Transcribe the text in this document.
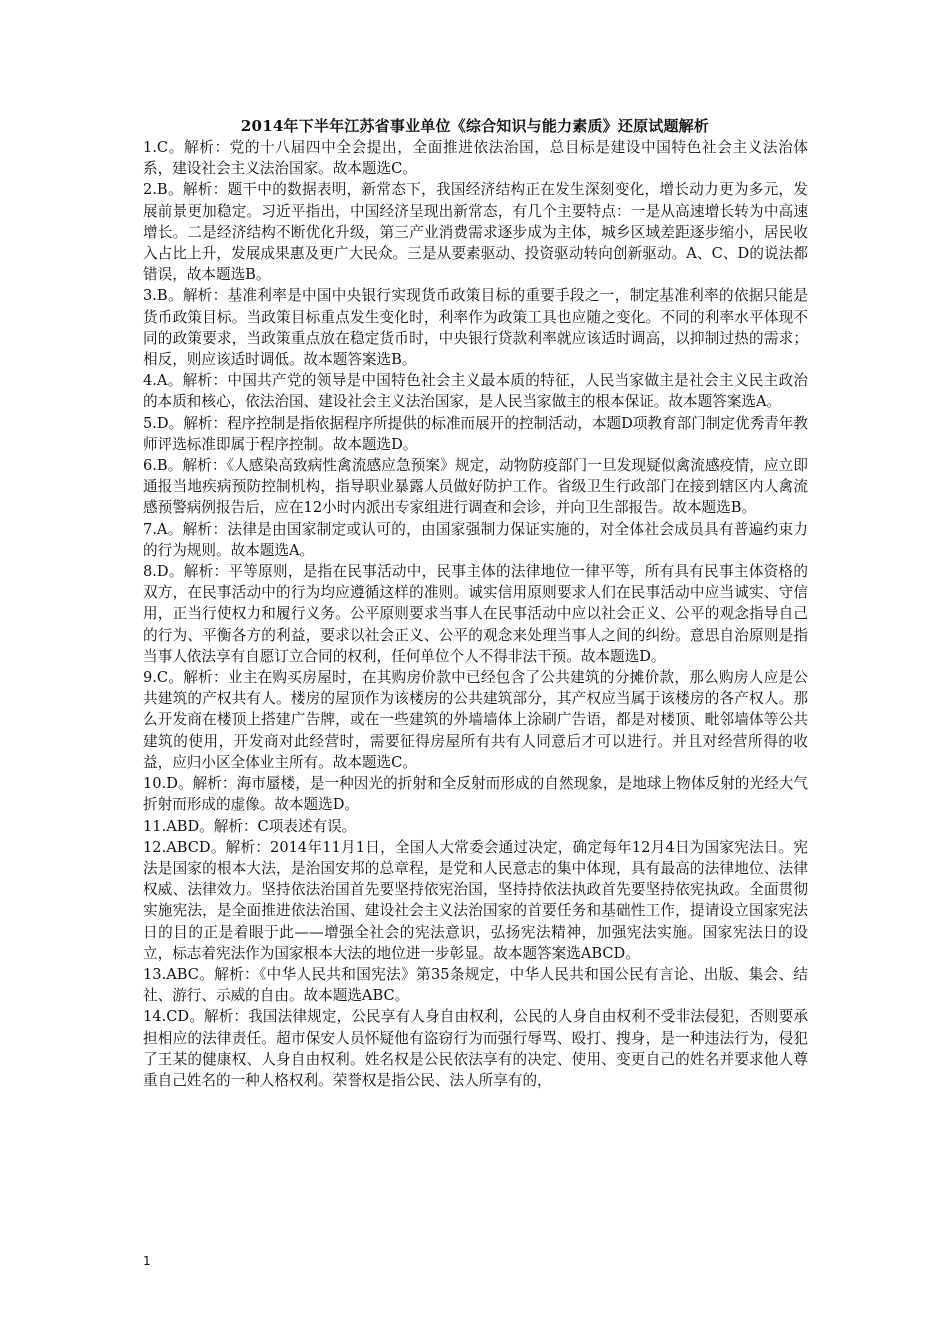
2014年下半年江苏省事业单位《综合知识与能力素质》还原试题解析

1.C。解析：党的十八届四中全会提出，全面推进依法治国，总目标是建设中国特色社会主义法治体系，建设社会主义法治国家。故本题选C。

2.B。解析：题干中的数据表明，新常态下，我国经济结构正在发生深刻变化，增长动力更为多元，发展前景更加稳定。习近平指出，中国经济呈现出新常态，有几个主要特点：一是从高速增长转为中高速增长。二是经济结构不断优化升级，第三产业消费需求逐步成为主体，城乡区域差距逐步缩小，居民收入占比上升，发展成果惠及更广大民众。三是从要素驱动、投资驱动转向创新驱动。A、C、D的说法都错误，故本题选B。

3.B。解析：基准利率是中国中央银行实现货币政策目标的重要手段之一，制定基准利率的依据只能是货币政策目标。当政策目标重点发生变化时，利率作为政策工具也应随之变化。不同的利率水平体现不同的政策要求，当政策重点放在稳定货币时，中央银行贷款利率就应该适时调高，以抑制过热的需求；相反，则应该适时调低。故本题答案选B。

4.A。解析：中国共产党的领导是中国特色社会主义最本质的特征，人民当家做主是社会主义民主政治的本质和核心，依法治国、建设社会主义法治国家，是人民当家做主的根本保证。故本题答案选A。

5.D。解析：程序控制是指依据程序所提供的标准而展开的控制活动，本题D项教育部门制定优秀青年教师评选标准即属于程序控制。故本题选D。

6.B。解析：《人感染高致病性禽流感应急预案》规定，动物防疫部门一旦发现疑似禽流感疫情，应立即通报当地疾病预防控制机构，指导职业暴露人员做好防护工作。省级卫生行政部门在接到辖区内人禽流感预警病例报告后，应在12小时内派出专家组进行调查和会诊，并向卫生部报告。故本题选B。

7.A。解析：法律是由国家制定或认可的，由国家强制力保证实施的，对全体社会成员具有普遍约束力的行为规则。故本题选A。

8.D。解析：平等原则，是指在民事活动中，民事主体的法律地位一律平等，所有具有民事主体资格的双方，在民事活动中的行为均应遵循这样的准则。诚实信用原则要求人们在民事活动中应当诚实、守信用，正当行使权力和履行义务。公平原则要求当事人在民事活动中应以社会正义、公平的观念指导自己的行为、平衡各方的利益，要求以社会正义、公平的观念来处理当事人之间的纠纷。意思自治原则是指当事人依法享有自愿订立合同的权利，任何单位个人不得非法干预。故本题选D。

9.C。解析：业主在购买房屋时，在其购房价款中已经包含了公共建筑的分摊价款，那么购房人应是公共建筑的产权共有人。楼房的屋顶作为该楼房的公共建筑部分，其产权应当属于该楼房的各产权人。那么开发商在楼顶上搭建广告牌，或在一些建筑的外墙墙体上涂刷广告语，都是对楼顶、毗邻墙体等公共建筑的使用，开发商对此经营时，需要征得房屋所有共有人同意后才可以进行。并且对经营所得的收益，应归小区全体业主所有。故本题选C。

10.D。解析：海市蜃楼，是一种因光的折射和全反射而形成的自然现象，是地球上物体反射的光经大气折射而形成的虚像。故本题选D。

11.ABD。解析：C项表述有误。

12.ABCD。解析：2014年11月1日，全国人大常委会通过决定，确定每年12月4日为国家宪法日。宪法是国家的根本大法，是治国安邦的总章程，是党和人民意志的集中体现，具有最高的法律地位、法律权威、法律效力。坚持依法治国首先要坚持依宪治国，坚持持依法执政首先要坚持依宪执政。全面贯彻实施宪法，是全面推进依法治国、建设社会主义法治国家的首要任务和基础性工作，提请设立国家宪法日的目的正是着眼于此——增强全社会的宪法意识，弘扬宪法精神，加强宪法实施。国家宪法日的设立，标志着宪法作为国家根本大法的地位进一步彰显。故本题答案选ABCD。

13.ABC。解析：《中华人民共和国宪法》第35条规定，中华人民共和国公民有言论、出版、集会、结社、游行、示威的自由。故本题选ABC。

14.CD。解析：我国法律规定，公民享有人身自由权利，公民的人身自由权利不受非法侵犯，否则要承担相应的法律责任。超市保安人员怀疑他有盗窃行为而强行辱骂、殴打、搜身，是一种违法行为，侵犯了王某的健康权、人身自由权利。姓名权是公民依法享有的决定、使用、变更自己的姓名并要求他人尊重自己姓名的一种人格权利。荣誉权是指公民、法人所享有的，

1
